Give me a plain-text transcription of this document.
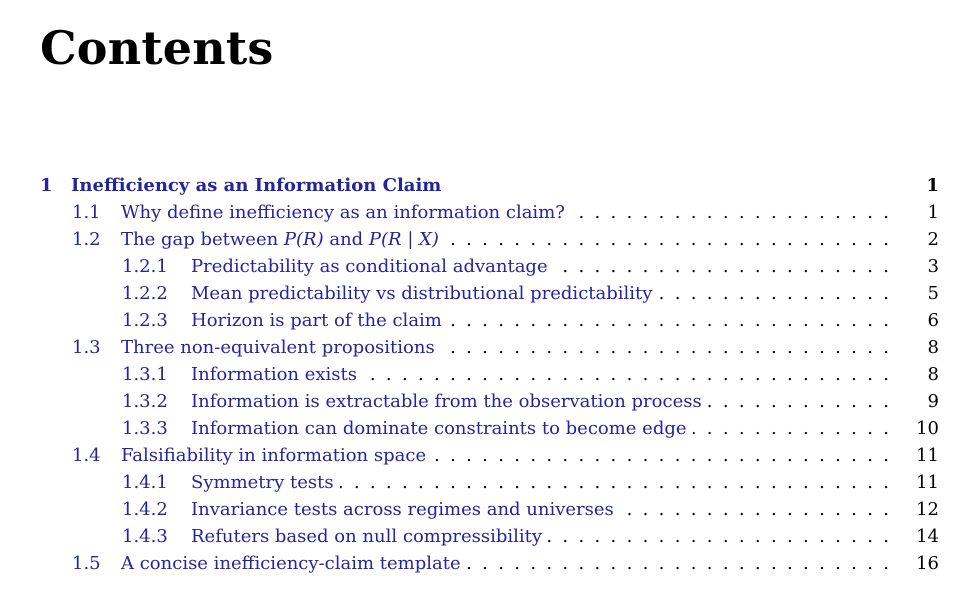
Contents
1	Inefficiency as an Information Claim	1
1.1	Why define inefficiency as an information claim? . . .	1
1.2	The gap between P(R) and P(R | X) . . .	2
1.2.1	Predictability as conditional advantage . . .	3
1.2.2	Mean predictability vs distributional predictability . . .	5
1.2.3	Horizon is part of the claim . . .	6
1.3	Three non-equivalent propositions . . .	8
1.3.1	Information exists . . .	8
1.3.2	Information is extractable from the observation process . . .	9
1.3.3	Information can dominate constraints to become edge . . .	10
1.4	Falsifiability in information space . . .	11
1.4.1	Symmetry tests . . .	11
1.4.2	Invariance tests across regimes and universes . . .	12
1.4.3	Refuters based on null compressibility . . .	14
1.5	A concise inefficiency-claim template . . .	16
